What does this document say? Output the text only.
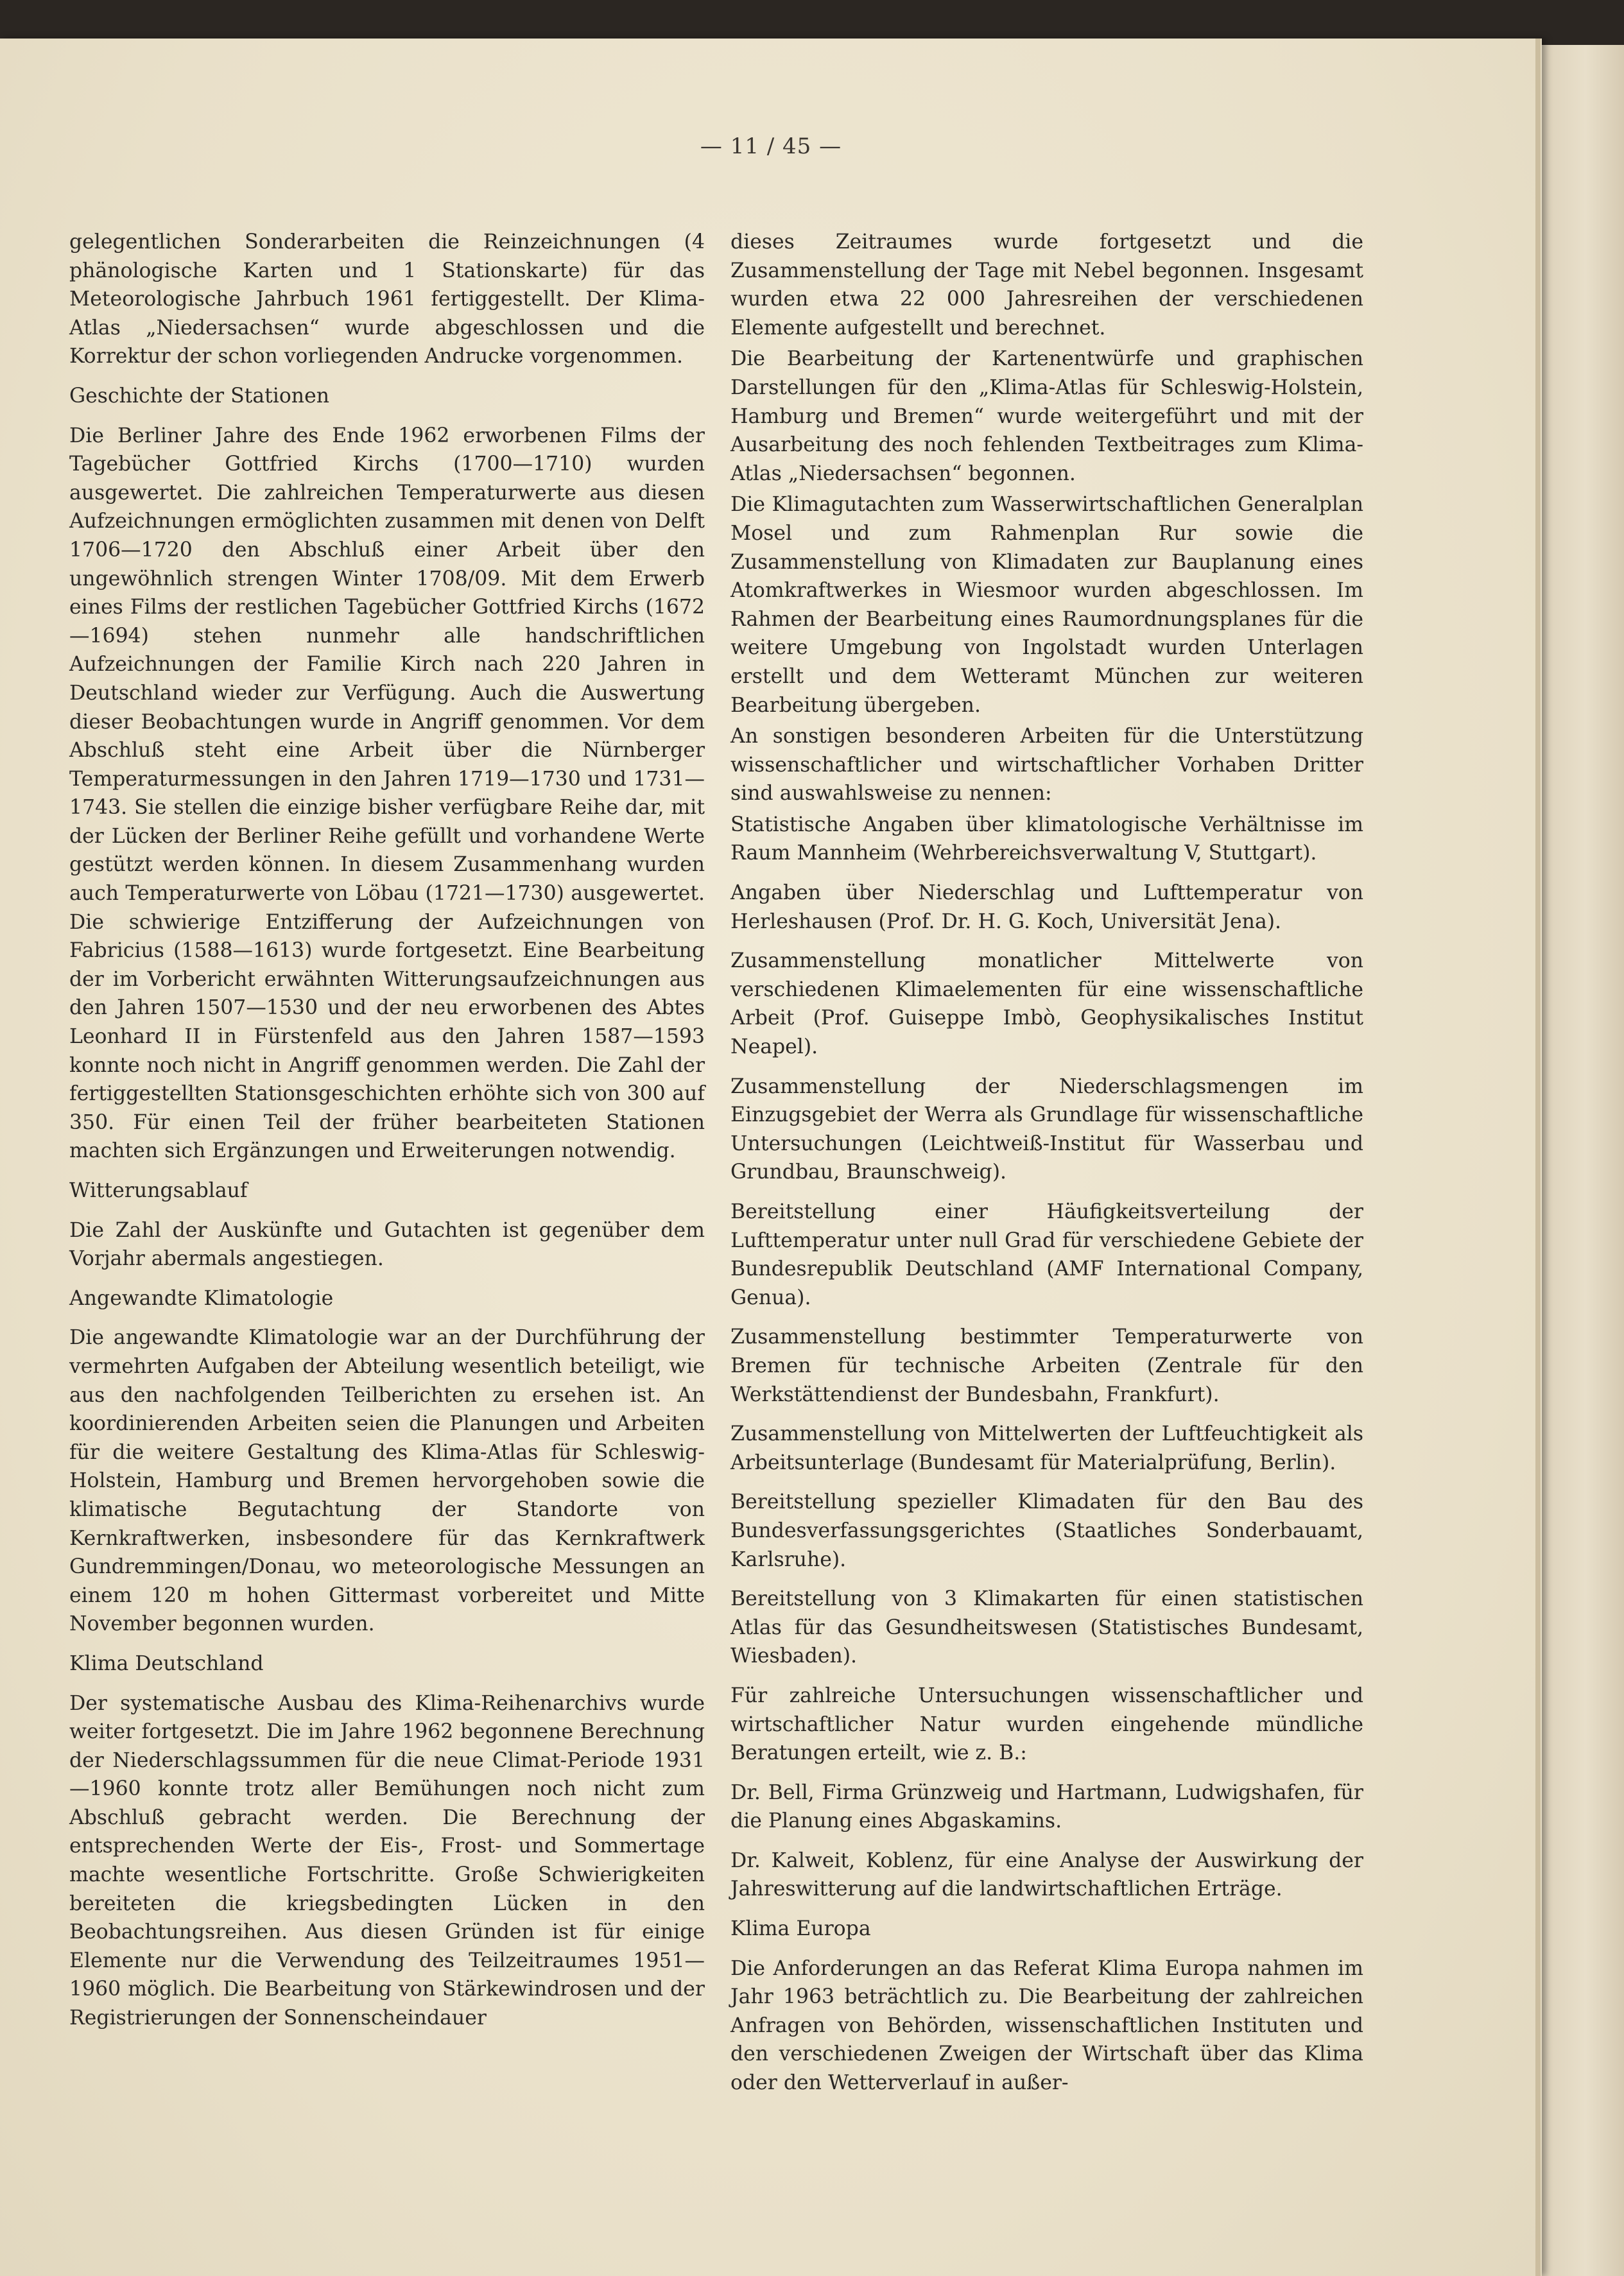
— 11 / 45 —

gelegentlichen Sonderarbeiten die Reinzeichnungen (4 phänologische Karten und 1 Stationskarte) für das Meteorologische Jahrbuch 1961 fertiggestellt. Der Klima-Atlas „Niedersachsen“ wurde abgeschlossen und die Korrektur der schon vorliegenden Andrucke vorgenommen.

Geschichte der Stationen

Die Berliner Jahre des Ende 1962 erworbenen Films der Tagebücher Gottfried Kirchs (1700—1710) wurden ausgewertet. Die zahlreichen Temperaturwerte aus diesen Aufzeichnungen ermöglichten zusammen mit denen von Delft 1706—1720 den Abschluß einer Arbeit über den ungewöhnlich strengen Winter 1708/09. Mit dem Erwerb eines Films der restlichen Tagebücher Gottfried Kirchs (1672—1694) stehen nunmehr alle handschriftlichen Aufzeichnungen der Familie Kirch nach 220 Jahren in Deutschland wieder zur Verfügung. Auch die Auswertung dieser Beobachtungen wurde in Angriff genommen. Vor dem Abschluß steht eine Arbeit über die Nürnberger Temperaturmessungen in den Jahren 1719—1730 und 1731—1743. Sie stellen die einzige bisher verfügbare Reihe dar, mit der Lücken der Berliner Reihe gefüllt und vorhandene Werte gestützt werden können. In diesem Zusammenhang wurden auch Temperaturwerte von Löbau (1721—1730) ausgewertet. Die schwierige Entzifferung der Aufzeichnungen von Fabricius (1588—1613) wurde fortgesetzt. Eine Bearbeitung der im Vorbericht erwähnten Witterungsaufzeichnungen aus den Jahren 1507—1530 und der neu erworbenen des Abtes Leonhard II in Fürstenfeld aus den Jahren 1587—1593 konnte noch nicht in Angriff genommen werden. Die Zahl der fertiggestellten Stationsgeschichten erhöhte sich von 300 auf 350. Für einen Teil der früher bearbeiteten Stationen machten sich Ergänzungen und Erweiterungen notwendig.

Witterungsablauf

Die Zahl der Auskünfte und Gutachten ist gegenüber dem Vorjahr abermals angestiegen.

Angewandte Klimatologie

Die angewandte Klimatologie war an der Durchführung der vermehrten Aufgaben der Abteilung wesentlich beteiligt, wie aus den nachfolgenden Teilberichten zu ersehen ist. An koordinierenden Arbeiten seien die Planungen und Arbeiten für die weitere Gestaltung des Klima-Atlas für Schleswig-Holstein, Hamburg und Bremen hervorgehoben sowie die klimatische Begutachtung der Standorte von Kernkraftwerken, insbesondere für das Kernkraftwerk Gundremmingen/Donau, wo meteorologische Messungen an einem 120 m hohen Gittermast vorbereitet und Mitte November begonnen wurden.

Klima Deutschland

Der systematische Ausbau des Klima-Reihenarchivs wurde weiter fortgesetzt. Die im Jahre 1962 begonnene Berechnung der Niederschlagssummen für die neue Climat-Periode 1931—1960 konnte trotz aller Bemühungen noch nicht zum Abschluß gebracht werden. Die Berechnung der entsprechenden Werte der Eis-, Frost- und Sommertage machte wesentliche Fortschritte. Große Schwierigkeiten bereiteten die kriegsbedingten Lücken in den Beobachtungsreihen. Aus diesen Gründen ist für einige Elemente nur die Verwendung des Teilzeitraumes 1951—1960 möglich. Die Bearbeitung von Stärkewindrosen und der Registrierungen der Sonnenscheindauer

dieses Zeitraumes wurde fortgesetzt und die Zusammenstellung der Tage mit Nebel begonnen. Insgesamt wurden etwa 22 000 Jahresreihen der verschiedenen Elemente aufgestellt und berechnet.

Die Bearbeitung der Kartenentwürfe und graphischen Darstellungen für den „Klima-Atlas für Schleswig-Holstein, Hamburg und Bremen“ wurde weitergeführt und mit der Ausarbeitung des noch fehlenden Textbeitrages zum Klima-Atlas „Niedersachsen“ begonnen.

Die Klimagutachten zum Wasserwirtschaftlichen Generalplan Mosel und zum Rahmenplan Rur sowie die Zusammenstellung von Klimadaten zur Bauplanung eines Atomkraftwerkes in Wiesmoor wurden abgeschlossen. Im Rahmen der Bearbeitung eines Raumordnungsplanes für die weitere Umgebung von Ingolstadt wurden Unterlagen erstellt und dem Wetteramt München zur weiteren Bearbeitung übergeben.

An sonstigen besonderen Arbeiten für die Unterstützung wissenschaftlicher und wirtschaftlicher Vorhaben Dritter sind auswahlsweise zu nennen:

Statistische Angaben über klimatologische Verhältnisse im Raum Mannheim (Wehrbereichsverwaltung V, Stuttgart).

Angaben über Niederschlag und Lufttemperatur von Herleshausen (Prof. Dr. H. G. Koch, Universität Jena).

Zusammenstellung monatlicher Mittelwerte von verschiedenen Klimaelementen für eine wissenschaftliche Arbeit (Prof. Guiseppe Imbò, Geophysikalisches Institut Neapel).

Zusammenstellung der Niederschlagsmengen im Einzugsgebiet der Werra als Grundlage für wissenschaftliche Untersuchungen (Leichtweiß-Institut für Wasserbau und Grundbau, Braunschweig).

Bereitstellung einer Häufigkeitsverteilung der Lufttemperatur unter null Grad für verschiedene Gebiete der Bundesrepublik Deutschland (AMF International Company, Genua).

Zusammenstellung bestimmter Temperaturwerte von Bremen für technische Arbeiten (Zentrale für den Werkstättendienst der Bundesbahn, Frankfurt).

Zusammenstellung von Mittelwerten der Luftfeuchtigkeit als Arbeitsunterlage (Bundesamt für Materialprüfung, Berlin).

Bereitstellung spezieller Klimadaten für den Bau des Bundesverfassungsgerichtes (Staatliches Sonderbauamt, Karlsruhe).

Bereitstellung von 3 Klimakarten für einen statistischen Atlas für das Gesundheitswesen (Statistisches Bundesamt, Wiesbaden).

Für zahlreiche Untersuchungen wissenschaftlicher und wirtschaftlicher Natur wurden eingehende mündliche Beratungen erteilt, wie z. B.:

Dr. Bell, Firma Grünzweig und Hartmann, Ludwigshafen, für die Planung eines Abgaskamins.

Dr. Kalweit, Koblenz, für eine Analyse der Auswirkung der Jahreswitterung auf die landwirtschaftlichen Erträge.

Klima Europa

Die Anforderungen an das Referat Klima Europa nahmen im Jahr 1963 beträchtlich zu. Die Bearbeitung der zahlreichen Anfragen von Behörden, wissenschaftlichen Instituten und den verschiedenen Zweigen der Wirtschaft über das Klima oder den Wetterverlauf in außer-
